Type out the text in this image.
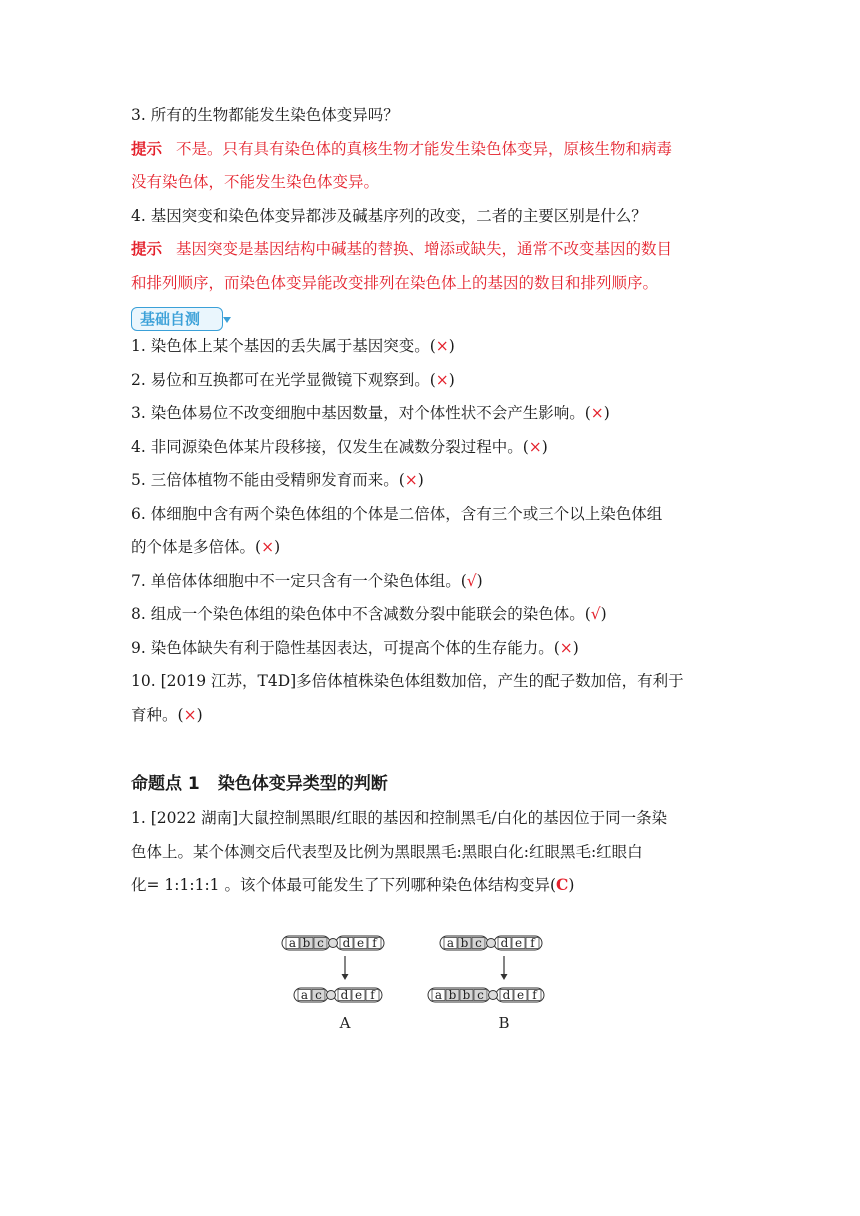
3. 所有的生物都能发生染色体变异吗？
提示 不是。只有具有染色体的真核生物才能发生染色体变异，原核生物和病毒
没有染色体，不能发生染色体变异。
4. 基因突变和染色体变异都涉及碱基序列的改变，二者的主要区别是什么？
提示 基因突变是基因结构中碱基的替换、增添或缺失，通常不改变基因的数目
和排列顺序，而染色体变异能改变排列在染色体上的基因的数目和排列顺序。
基础自测
1. 染色体上某个基因的丢失属于基因突变。(×)
2. 易位和互换都可在光学显微镜下观察到。(×)
3. 染色体易位不改变细胞中基因数量，对个体性状不会产生影响。(×)
4. 非同源染色体某片段移接，仅发生在减数分裂过程中。(×)
5. 三倍体植物不能由受精卵发育而来。(×)
6. 体细胞中含有两个染色体组的个体是二倍体，含有三个或三个以上染色体组
的个体是多倍体。(×)
7. 单倍体体细胞中不一定只含有一个染色体组。(√)
8. 组成一个染色体组的染色体中不含减数分裂中能联会的染色体。(√)
9. 染色体缺失有利于隐性基因表达，可提高个体的生存能力。(×)
10. [2019 江苏，T4D]多倍体植株染色体组数加倍，产生的配子数加倍，有利于
育种。(×)
命题点 1 染色体变异类型的判断
1. [2022 湖南]大鼠控制黑眼/红眼的基因和控制黑毛/白化的基因位于同一条染
色体上。某个体测交后代表型及比例为黑眼黑毛:黑眼白化:红眼黑毛:红眼白
化= 1:1:1:1 。该个体最可能发生了下列哪种染色体结构变异(C)
a b c d e f
a c d e f
A
a b c d e f
a b b c d e f
B
